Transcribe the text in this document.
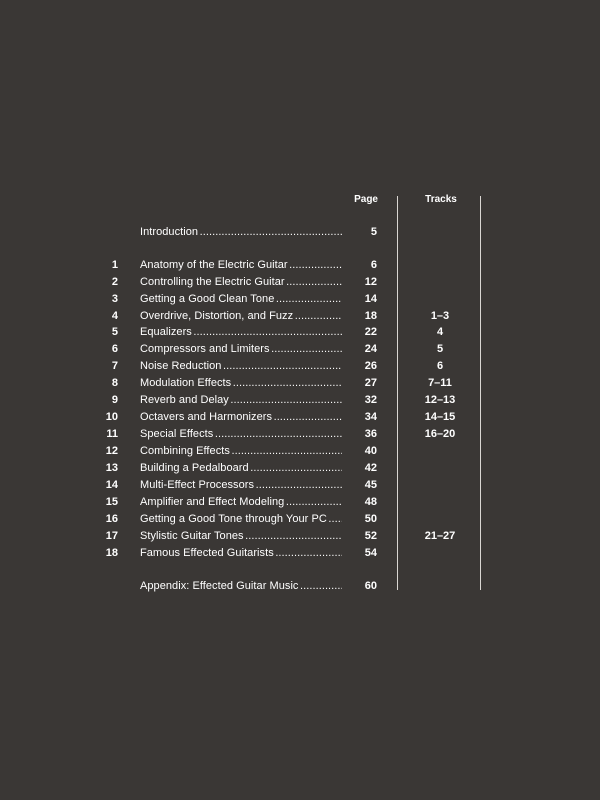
Page	Tracks
Introduction . . .	5
1 Anatomy of the Electric Guitar . . .	6
2 Controlling the Electric Guitar . . .	12
3 Getting a Good Clean Tone . . .	14
4 Overdrive, Distortion, and Fuzz . . .	18	1–3
5 Equalizers . . .	22	4
6 Compressors and Limiters . . .	24	5
7 Noise Reduction . . .	26	6
8 Modulation Effects . . .	27	7–11
9 Reverb and Delay . . .	32	12–13
10 Octavers and Harmonizers . . .	34	14–15
11 Special Effects . . .	36	16–20
12 Combining Effects . . .	40
13 Building a Pedalboard . . .	42
14 Multi-Effect Processors . . .	45
15 Amplifier and Effect Modeling . . .	48
16 Getting a Good Tone through Your PC . . .	50
17 Stylistic Guitar Tones . . .	52	21–27
18 Famous Effected Guitarists . . .	54
Appendix: Effected Guitar Music . . .	60
